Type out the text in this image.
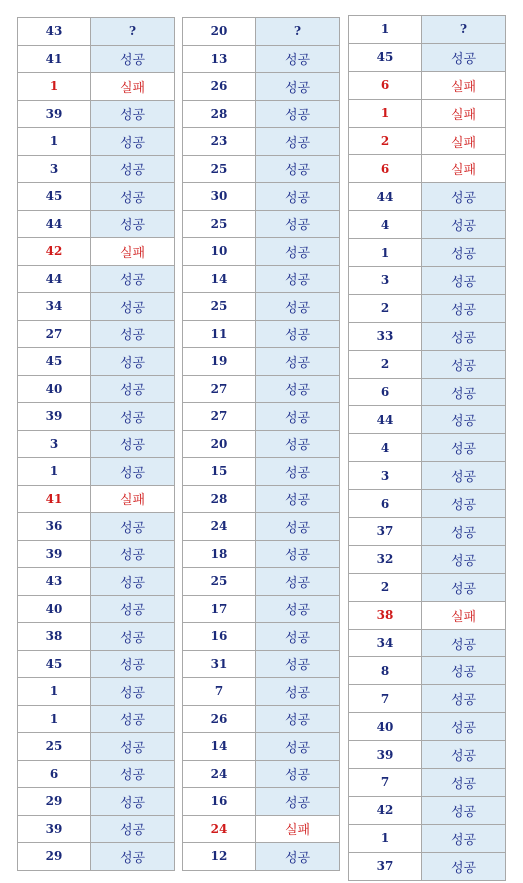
43	?
41	성공
1	실패
39	성공
1	성공
3	성공
45	성공
44	성공
42	실패
44	성공
34	성공
27	성공
45	성공
40	성공
39	성공
3	성공
1	성공
41	실패
36	성공
39	성공
43	성공
40	성공
38	성공
45	성공
1	성공
1	성공
25	성공
6	성공
29	성공
39	성공
29	성공
20	?
13	성공
26	성공
28	성공
23	성공
25	성공
30	성공
25	성공
10	성공
14	성공
25	성공
11	성공
19	성공
27	성공
27	성공
20	성공
15	성공
28	성공
24	성공
18	성공
25	성공
17	성공
16	성공
31	성공
7	성공
26	성공
14	성공
24	성공
16	성공
24	실패
12	성공
1	?
45	성공
6	실패
1	실패
2	실패
6	실패
44	성공
4	성공
1	성공
3	성공
2	성공
33	성공
2	성공
6	성공
44	성공
4	성공
3	성공
6	성공
37	성공
32	성공
2	성공
38	실패
34	성공
8	성공
7	성공
40	성공
39	성공
7	성공
42	성공
1	성공
37	성공
